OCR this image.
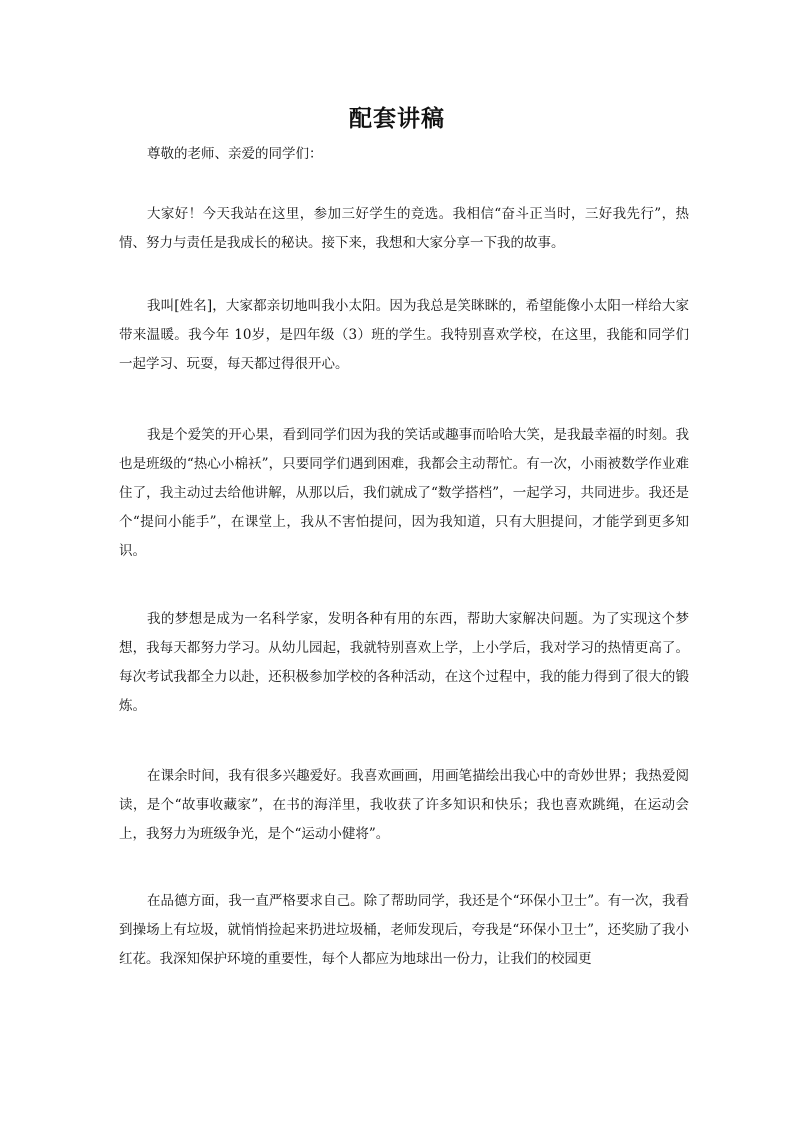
配套讲稿
尊敬的老师、亲爱的同学们：

大家好！今天我站在这里，参加三好学生的竞选。我相信“奋斗正当时，三好我先行”，热情、努力与责任是我成长的秘诀。接下来，我想和大家分享一下我的故事。

我叫[姓名]，大家都亲切地叫我小太阳。因为我总是笑眯眯的，希望能像小太阳一样给大家带来温暖。我今年 10岁，是四年级（3）班的学生。我特别喜欢学校，在这里，我能和同学们一起学习、玩耍，每天都过得很开心。

我是个爱笑的开心果，看到同学们因为我的笑话或趣事而哈哈大笑，是我最幸福的时刻。我也是班级的“热心小棉袄”，只要同学们遇到困难，我都会主动帮忙。有一次，小雨被数学作业难住了，我主动过去给他讲解，从那以后，我们就成了“数学搭档”，一起学习，共同进步。我还是个“提问小能手”，在课堂上，我从不害怕提问，因为我知道，只有大胆提问，才能学到更多知识。

我的梦想是成为一名科学家，发明各种有用的东西，帮助大家解决问题。为了实现这个梦想，我每天都努力学习。从幼儿园起，我就特别喜欢上学，上小学后，我对学习的热情更高了。每次考试我都全力以赴，还积极参加学校的各种活动，在这个过程中，我的能力得到了很大的锻炼。

在课余时间，我有很多兴趣爱好。我喜欢画画，用画笔描绘出我心中的奇妙世界；我热爱阅读，是个“故事收藏家”，在书的海洋里，我收获了许多知识和快乐；我也喜欢跳绳，在运动会上，我努力为班级争光，是个“运动小健将”。

在品德方面，我一直严格要求自己。除了帮助同学，我还是个“环保小卫士”。有一次，我看到操场上有垃圾，就悄悄捡起来扔进垃圾桶，老师发现后，夸我是“环保小卫士”，还奖励了我小红花。我深知保护环境的重要性，每个人都应为地球出一份力，让我们的校园更
